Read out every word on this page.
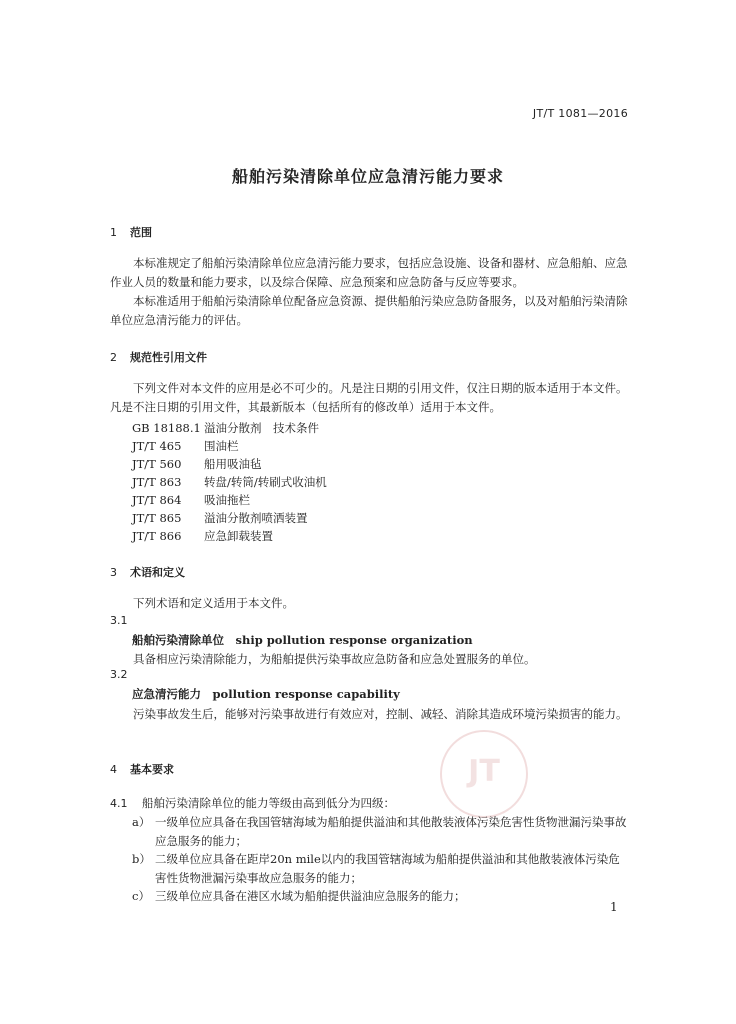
JT/T 1081—2016
船舶污染清除单位应急清污能力要求
1 范围
本标准规定了船舶污染清除单位应急清污能力要求，包括应急设施、设备和器材、应急船舶、应急作业人员的数量和能力要求，以及综合保障、应急预案和应急防备与反应等要求。
本标准适用于船舶污染清除单位配备应急资源、提供船舶污染应急防备服务，以及对船舶污染清除单位应急清污能力的评估。
2 规范性引用文件
下列文件对本文件的应用是必不可少的。凡是注日期的引用文件，仅注日期的版本适用于本文件。凡是不注日期的引用文件，其最新版本（包括所有的修改单）适用于本文件。
GB 18188.1 溢油分散剂　技术条件
JT/T 465 围油栏
JT/T 560 船用吸油毡
JT/T 863 转盘/转筒/转刷式收油机
JT/T 864 吸油拖栏
JT/T 865 溢油分散剂喷洒装置
JT/T 866 应急卸载装置
3 术语和定义
下列术语和定义适用于本文件。
3.1
船舶污染清除单位　ship pollution response organization
具备相应污染清除能力，为船舶提供污染事故应急防备和应急处置服务的单位。
3.2
应急清污能力　pollution response capability
污染事故发生后，能够对污染事故进行有效应对，控制、减轻、消除其造成环境污染损害的能力。
JT
4 基本要求
4.1 船舶污染清除单位的能力等级由高到低分为四级：
a） 一级单位应具备在我国管辖海域为船舶提供溢油和其他散装液体污染危害性货物泄漏污染事故应急服务的能力；
b） 二级单位应具备在距岸20n mile以内的我国管辖海域为船舶提供溢油和其他散装液体污染危害性货物泄漏污染事故应急服务的能力；
c） 三级单位应具备在港区水域为船舶提供溢油应急服务的能力；
1
